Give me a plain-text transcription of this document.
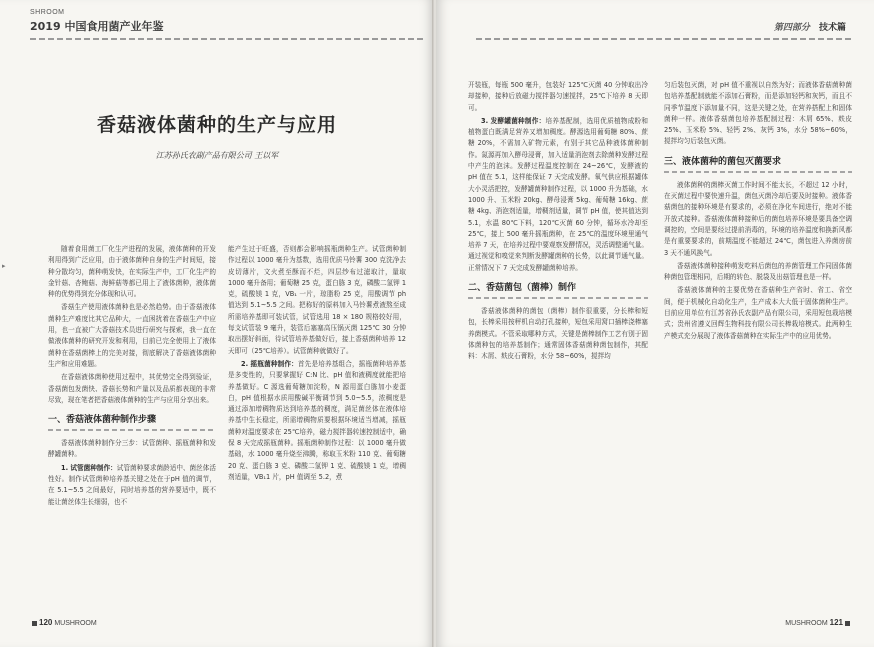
SHROOM
2019 中国食用菌产业年鉴
▸
香菇液体菌种的生产与应用
江苏孙氏农副产品有限公司 王以军

随着食用菌工厂化生产进程的发展，液体菌种的开发利用得到广泛应用，由于液体菌种自身的生产时间短，接种分散均匀，菌种萌发快，在实际生产中，工厂化生产的金针菇、杏鲍菇、海鲜菇等都已用上了液体菌种，液体菌种的优势得到充分体现和认可。

香菇生产使用液体菌种也是必然趋势。由于香菇液体菌种生产难度比其它品种大，一直困扰着在香菇生产中应用，也一直被广大香菇技术员进行研究与探索，我一直在做液体菌种的研究开发和利用，目前已完全使用上了液体菌种在香菇菌棒上的完美对接，彻底解决了香菇液体菌种生产和应用难题。

在香菇液体菌种使用过程中，其优势完全得到验证，香菇菌包发菌快、香菇长势和产量以及品质都表现的非常尽致，现在笔者把香菇液体菌种的生产与应用分享出来。

一、香菇液体菌种制作步骤

香菇液体菌种制作分三步：试管菌种、摇瓶菌种和发酵罐菌种。

1. 试管菌种制作：试管菌种要求菌龄适中、菌丝体活性好。制作试管菌种培养基关键之处在于pH 值的调节，在 5.1~5.5 之间最好，同时培养基的营养要适中，既不能让菌丝体生长细弱，也不

能产生过于旺盛，否则都会影响摇瓶菌种生产。试管菌种制作过程以 1000 毫升为基数，选用优质马铃薯 300 克洗净去皮切薄片，文火煮至酥而不烂，四层纱布过滤取汁，量取 1000 毫升备用；葡萄糖 25 克，蛋白胨 3 克，磷酸二氢钾 1 克，硫酸镁 1 克，VB₁ 一片，琼脂粉 25 克，用酸调节 ph 值达到 5.1~5.5 之间。把称好的原料加入马铃薯煮液熬至成所需培养基即可装试管，试管选用 18 × 180 规格较好用，每支试管装 9 毫升，装管后塞塞高压锅灭菌 125℃ 30 分钟取出摆好斜面，待试管培养基做好后，接上香菇菌种培养 12 天即可（25℃培养）。试管菌种就做好了。

2. 摇瓶菌种制作：首先是培养基组合，摇瓶菌种培养基是多变性的，只要掌握好 C:N 比、pH 值和液稠度就能把培养基做好。C 源选葡萄糖加淀粉，N 源用蛋白胨加小麦蛋白，pH 值根据水质用酸碱平衡调节到 5.0~5.5，浓稠度是通过添加增稠物质达到培养基的稠度，满足菌丝体在液体培养基中生长稳定，所需增稠物质要根据环境适当增减，摇瓶菌种对温度要求在 25℃培养，磁力搅拌器转速控制适中，确保 8 天完成摇瓶菌种。摇瓶菌种制作过程：以 1000 毫升做基础，水 1000 毫升烧至沸腾，称取玉米粉 110 克、葡萄糖 20 克、蛋白胨 3 克、磷酸二氢钾 1 克、硫酸镁 1 克，增稠剂适量，VB₁1 片，pH 值调至 5.2，煮

120 MUSHROOM
第四部分 技术篇

开装瓶，每瓶 500 毫升，包装好 125℃灭菌 40 分钟取出冷却接种，接种后放磁力搅拌器匀速搅拌，25℃下培养 8 天即可。

3. 发酵罐菌种制作：培养基配制，选用优质植物成粉和植物蛋白既满足营养又增加稠度。酵源选用葡萄糖 80%、蔗糖 20%，不需加入矿物元素，有别于其它品种液体菌种制作。氮源再加入酵母浸膏，加入适量消泡剂去除菌种发酵过程中产生的泡沫。发酵过程温度控制在 24~26℃，发酵液的 pH 值在 5.1，这样能保证 7 天完成发酵。氧气供应根据罐体大小灵活把控，发酵罐菌种制作过程，以 1000 升为基础，水 1000 升、玉米粉 20kg、酵母浸膏 5kg、葡萄糖 16kg、蔗糖 4kg、消泡剂适量，增稠剂适量，调节 pH 值，使其值达到 5.1，水温 80℃下料，120℃灭菌 60 分钟，循环水冷却至 25℃，接上 500 毫升摇瓶菌种，在 25℃的温度环境里通气培养 7 天，在培养过程中要观察发酵情况，灵活调整通气量。通过视觉和嗅觉来判断发酵罐菌种的长势，以此调节通气量。正常情况下 7 天完成发酵罐菌种培养。

二、香菇菌包（菌棒）制作

香菇液体菌种的菌包（菌棒）制作很重要，分长棒和短包，长棒采用按秤机自动打孔接种，短包采用窝口插棒浇棒塞养菌模式。不管采取哪种方式，关键是菌棒制作工艺有别于固体菌种包的培养基制作；通常固体香菇菌种菌包制作，其配料：木屑、麸皮石膏粉，水分 58~60%，搅拌均

匀后装包灭菌，对 pH 值不重视以自然为好；而液体香菇菌种菌包培养基配制就能不添加石膏粉，而是添加轻钙和灰钙，而且不同季节温度下添加量不同，这是关键之处，在营养搭配上和固体菌种一样。液体香菇菌包培养基配制过程：木屑 65%、麸皮 25%、玉米粉 5%、轻钙 2%、灰钙 3%，水分 58%~60%，搅拌均匀后装包灭菌。

三、液体菌种的菌包灭菌要求

液体菌种的菌棒灭菌工作时间不能太长，不超过 12 小时，在灭菌过程中要快速升温，菌包灭菌冷却后要及时接种。液体香菇菌包的接种环境是有要求的，必须在净化车间进行，绝对不能开放式接种。香菇液体菌种接种后的菌包培养环境是要具备空调调控的，空间是要经过提前消毒的，环境的培养温度和换新风都是有重要要求的，前期温度不能超过 24℃，菌包进入养菌房前 3 天不通风换气。

香菇液体菌种接种萌发吃料后菌包的养菌管理工作同固体菌种菌包管理相同，后期的转色、脱袋及出菇管理也是一样。

香菇液体菌种的主要优势在香菇种生产省时、省工、省空间，便于机械化自动化生产，生产成本大大低于固体菌种生产。目前应用单位有江苏省孙氏农副产品有限公司，采用短包栽培模式；贵州省遵义回辉生物科技有限公司长棒栽培模式。此两种生产模式充分展现了液体香菇菌种在实际生产中的应用优势。

MUSHROOM 121
